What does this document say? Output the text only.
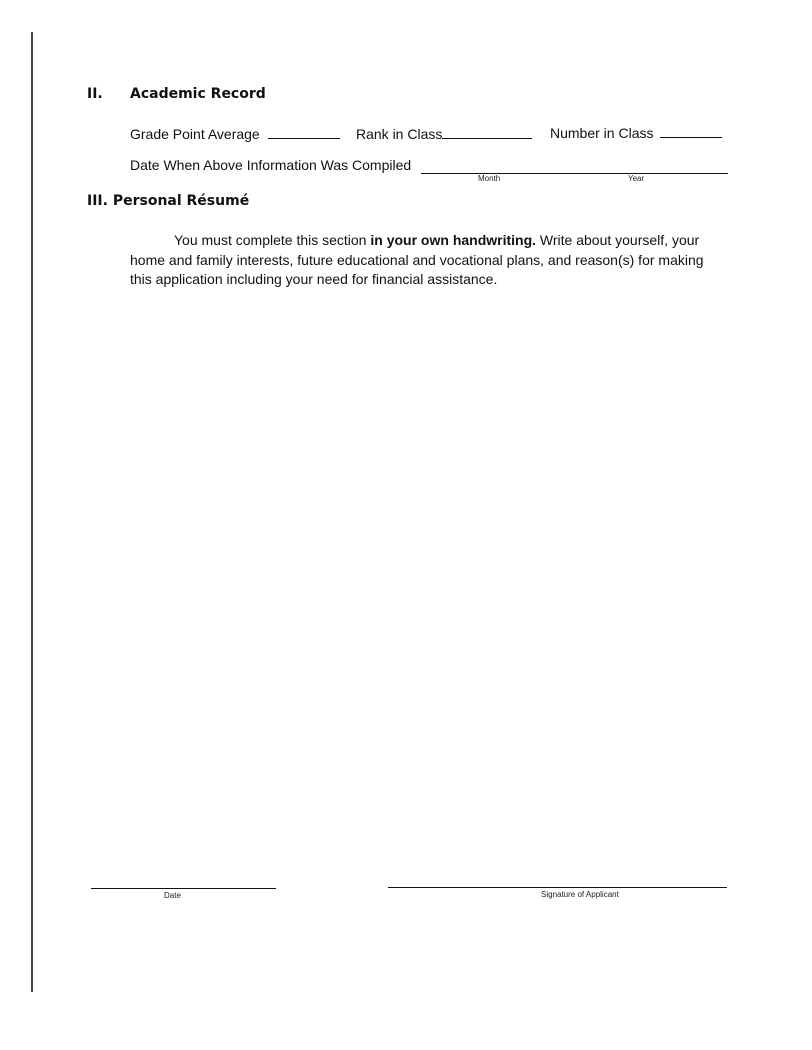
II. Academic Record
Grade Point Average	Rank in Class	Number in Class
Date When Above Information Was Compiled
Month	Year
III. Personal Résumé
You must complete this section in your own handwriting. Write about yourself, your
home and family interests, future educational and vocational plans, and reason(s) for making
this application including your need for financial assistance.
Date	Signature of Applicant
